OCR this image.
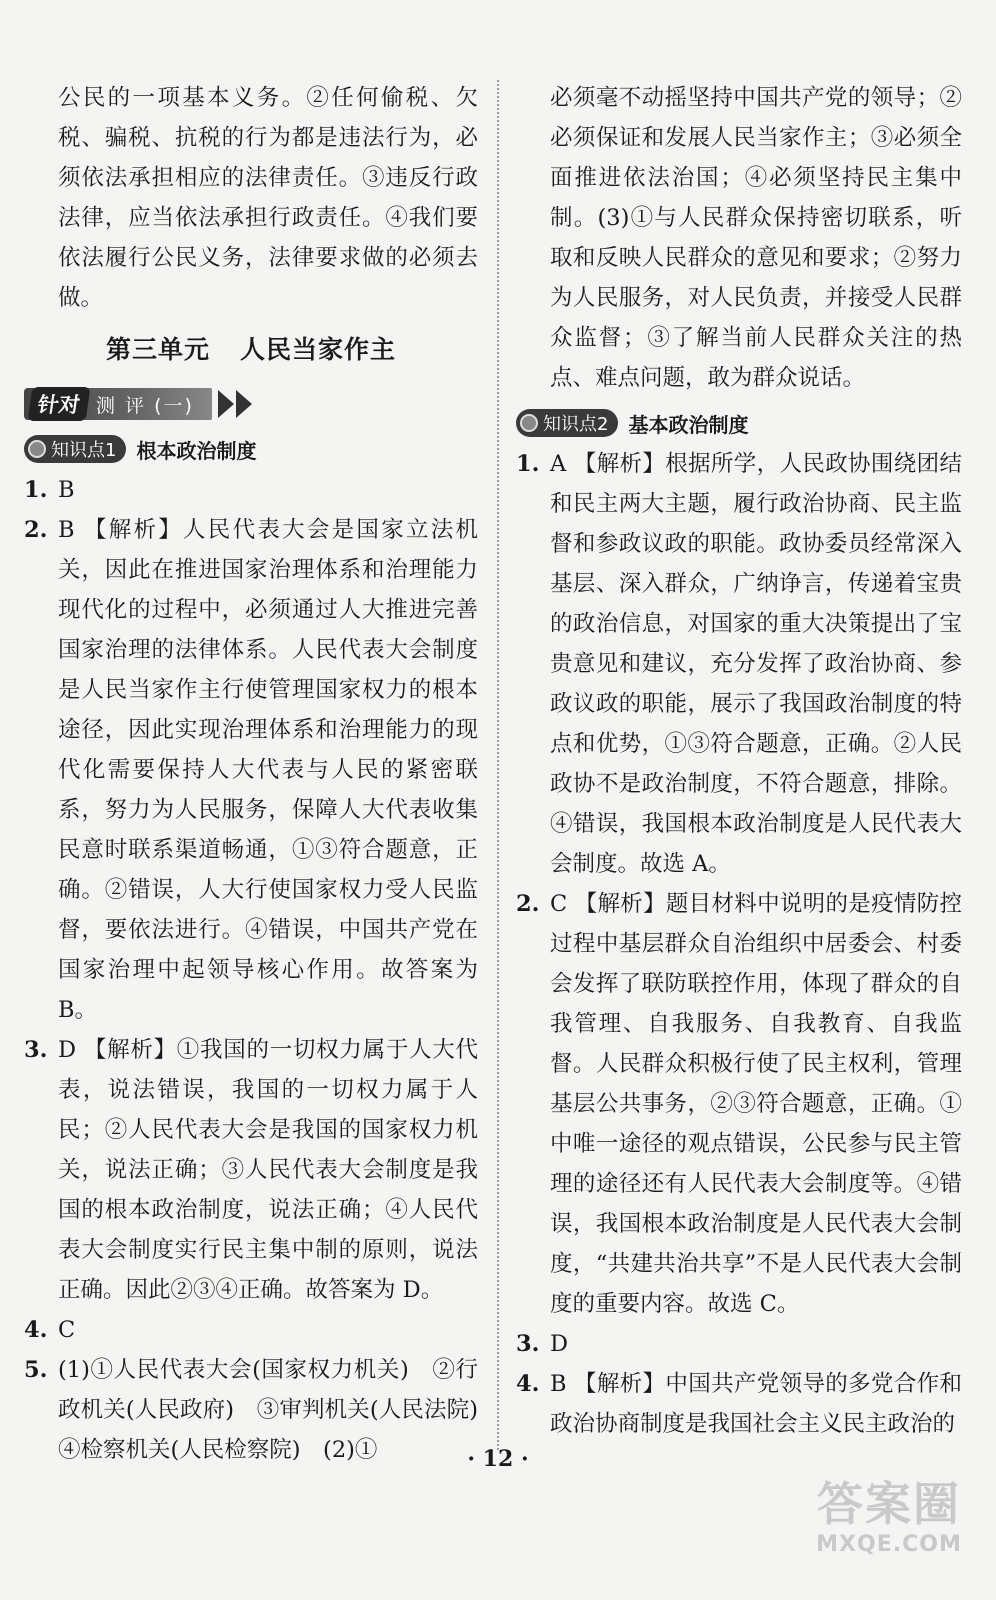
公民的一项基本义务。②任何偷税、欠税、骗税、抗税的行为都是违法行为，必须依法承担相应的法律责任。③违反行政法律，应当依法承担行政责任。④我们要依法履行公民义务，法律要求做的必须去做。

第三单元 人民当家作主
针对 测 评 (一)
知识点1 根本政治制度
1. B
2. B 【解析】人民代表大会是国家立法机关，因此在推进国家治理体系和治理能力现代化的过程中，必须通过人大推进完善国家治理的法律体系。人民代表大会制度是人民当家作主行使管理国家权力的根本途径，因此实现治理体系和治理能力的现代化需要保持人大代表与人民的紧密联系，努力为人民服务，保障人大代表收集民意时联系渠道畅通，①③符合题意，正确。②错误，人大行使国家权力受人民监督，要依法进行。④错误，中国共产党在国家治理中起领导核心作用。故答案为 B。
3. D 【解析】①我国的一切权力属于人大代表，说法错误，我国的一切权力属于人民；②人民代表大会是我国的国家权力机关，说法正确；③人民代表大会制度是我国的根本政治制度，说法正确；④人民代表大会制度实行民主集中制的原则，说法正确。因此②③④正确。故答案为 D。
4. C
5. (1)①人民代表大会(国家权力机关)　②行政机关(人民政府)　③审判机关(人民法院)　④检察机关(人民检察院)　(2)①

必须毫不动摇坚持中国共产党的领导；②必须保证和发展人民当家作主；③必须全面推进依法治国；④必须坚持民主集中制。(3)①与人民群众保持密切联系，听取和反映人民群众的意见和要求；②努力为人民服务，对人民负责，并接受人民群众监督；③了解当前人民群众关注的热点、难点问题，敢为群众说话。

知识点2 基本政治制度
1. A 【解析】根据所学，人民政协围绕团结和民主两大主题，履行政治协商、民主监督和参政议政的职能。政协委员经常深入基层、深入群众，广纳诤言，传递着宝贵的政治信息，对国家的重大决策提出了宝贵意见和建议，充分发挥了政治协商、参政议政的职能，展示了我国政治制度的特点和优势，①③符合题意，正确。②人民政协不是政治制度，不符合题意，排除。④错误，我国根本政治制度是人民代表大会制度。故选 A。
2. C 【解析】题目材料中说明的是疫情防控过程中基层群众自治组织中居委会、村委会发挥了联防联控作用，体现了群众的自我管理、自我服务、自我教育、自我监督。人民群众积极行使了民主权利，管理基层公共事务，②③符合题意，正确。①中唯一途径的观点错误，公民参与民主管理的途径还有人民代表大会制度等。④错误，我国根本政治制度是人民代表大会制度，“共建共治共享”不是人民代表大会制度的重要内容。故选 C。
3. D
4. B 【解析】中国共产党领导的多党合作和政治协商制度是我国社会主义民主政治的
· 12 ·
答案圈
MXQE.COM
